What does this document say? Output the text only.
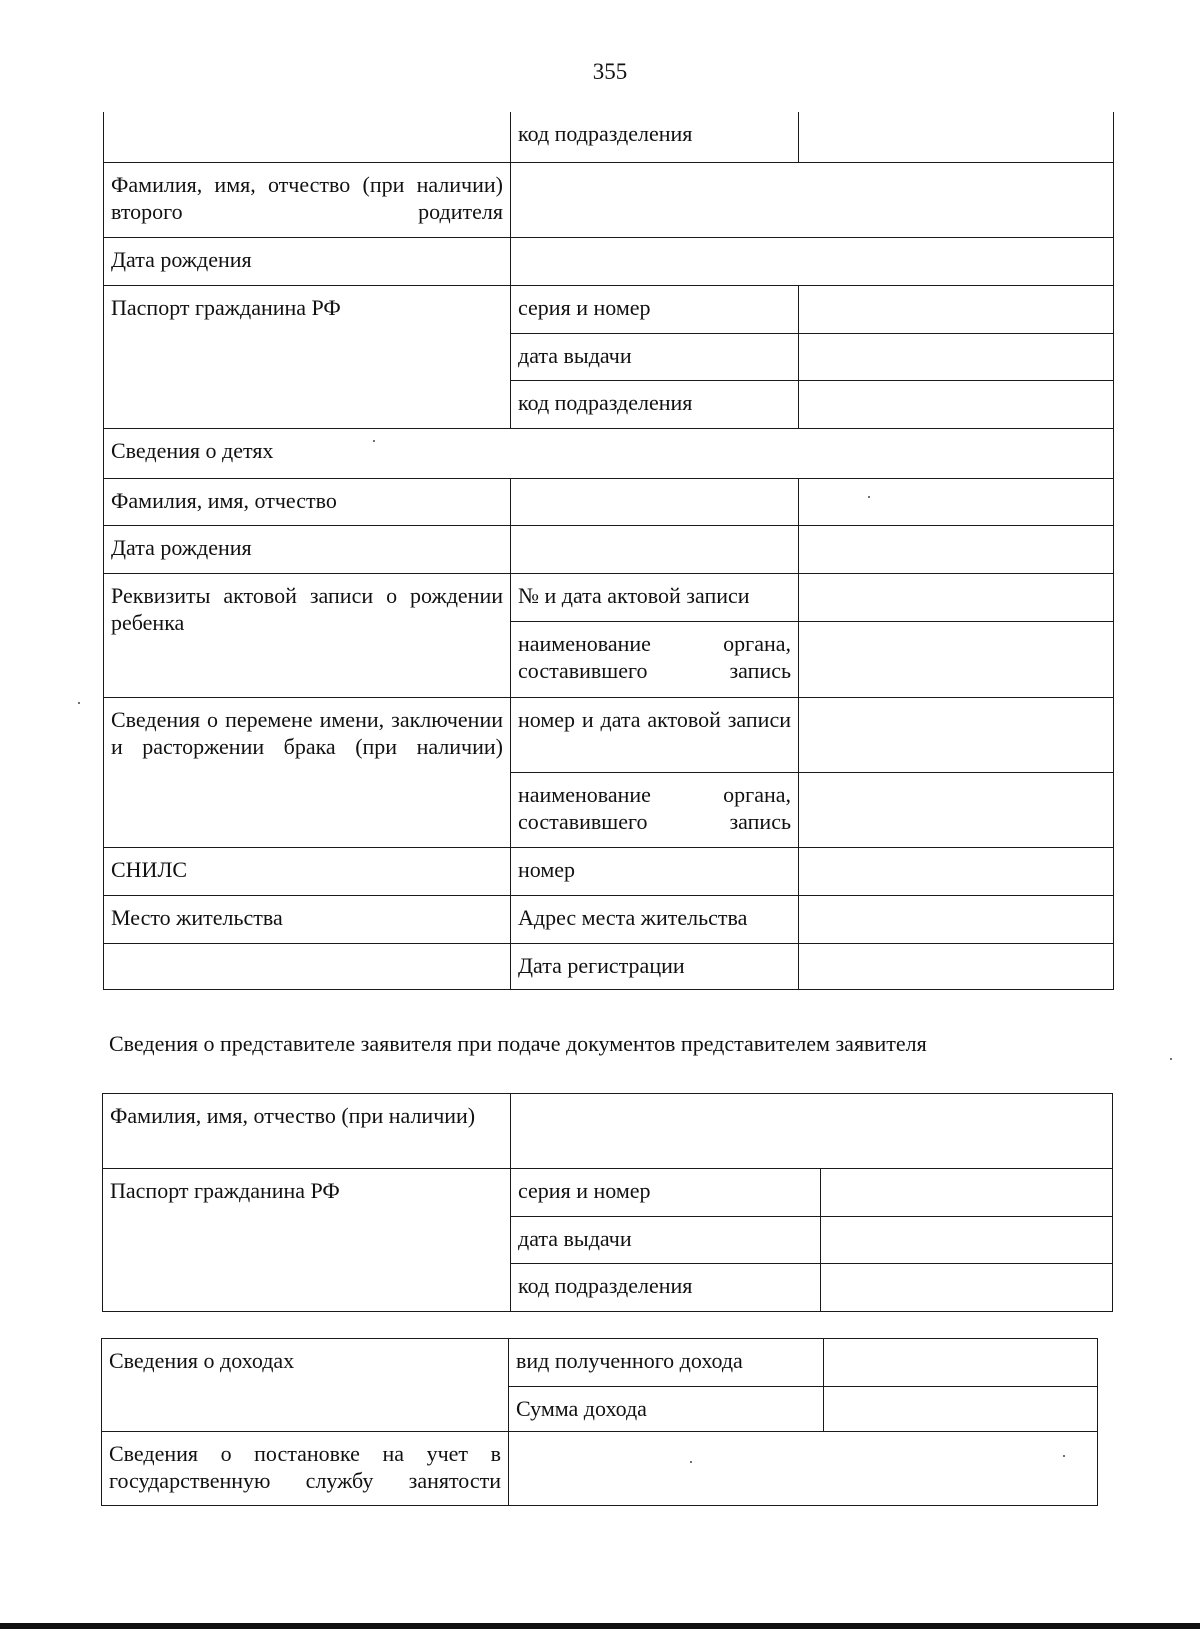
355
	код подразделения	
Фамилия, имя, отчество (при наличии) второго родителя		
Дата рождения		
Паспорт гражданина РФ	серия и номер	
	дата выдачи	
	код подразделения	
Сведения о детях		
Фамилия, имя, отчество		
Дата рождения		
Реквизиты актовой записи о рождении ребенка	№ и дата актовой записи	
	наименование органа, составившего запись	
Сведения о перемене имени, заключении и расторжении брака (при наличии)	номер и дата актовой записи	
	наименование органа, составившего запись	
СНИЛС	номер	
Место жительства	Адрес места жительства	
	Дата регистрации	
Сведения о представителе заявителя при подаче документов представителем заявителя
Фамилия, имя, отчество (при наличии)		
Паспорт гражданина РФ	серия и номер	
	дата выдачи	
	код подразделения	
Сведения о доходах	вид полученного дохода	
	Сумма дохода	
Сведения о постановке на учет в государственную службу занятости		
